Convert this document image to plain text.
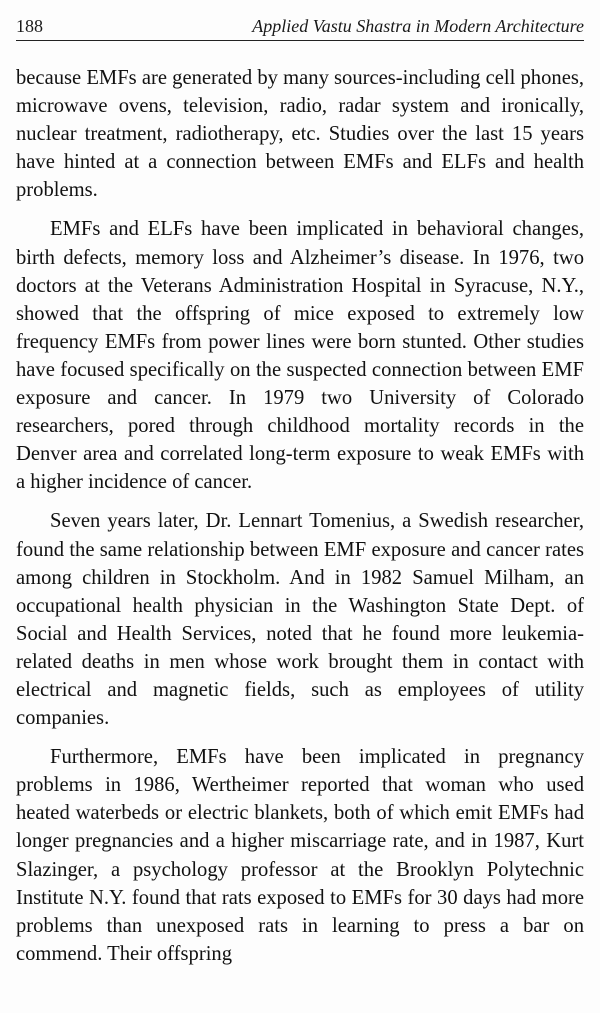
188	Applied Vastu Shastra in Modern Architecture

because EMFs are generated by many sources-including cell phones, microwave ovens, television, radio, radar system and ironically, nuclear treatment, radiotherapy, etc. Studies over the last 15 years have hinted at a connection between EMFs and ELFs and health problems.

EMFs and ELFs have been implicated in behavioral changes, birth defects, memory loss and Alzheimer’s disease. In 1976, two doctors at the Veterans Administration Hospital in Syracuse, N.Y., showed that the offspring of mice exposed to extremely low frequency EMFs from power lines were born stunted. Other studies have focused specifically on the suspected connection between EMF exposure and cancer. In 1979 two University of Colorado researchers, pored through childhood mortality records in the Denver area and correlated long-term exposure to weak EMFs with a higher incidence of cancer.

Seven years later, Dr. Lennart Tomenius, a Swedish researcher, found the same relationship between EMF exposure and cancer rates among children in Stockholm. And in 1982 Samuel Milham, an occupational health physician in the Washington State Dept. of Social and Health Services, noted that he found more leukemia-related deaths in men whose work brought them in contact with electrical and magnetic fields, such as employees of utility companies.

Furthermore, EMFs have been implicated in pregnancy problems in 1986, Wertheimer reported that woman who used heated waterbeds or electric blankets, both of which emit EMFs had longer pregnancies and a higher miscarriage rate, and in 1987, Kurt Slazinger, a psychology professor at the Brooklyn Polytechnic Institute N.Y. found that rats exposed to EMFs for 30 days had more problems than unexposed rats in learning to press a bar on commend. Their offspring
